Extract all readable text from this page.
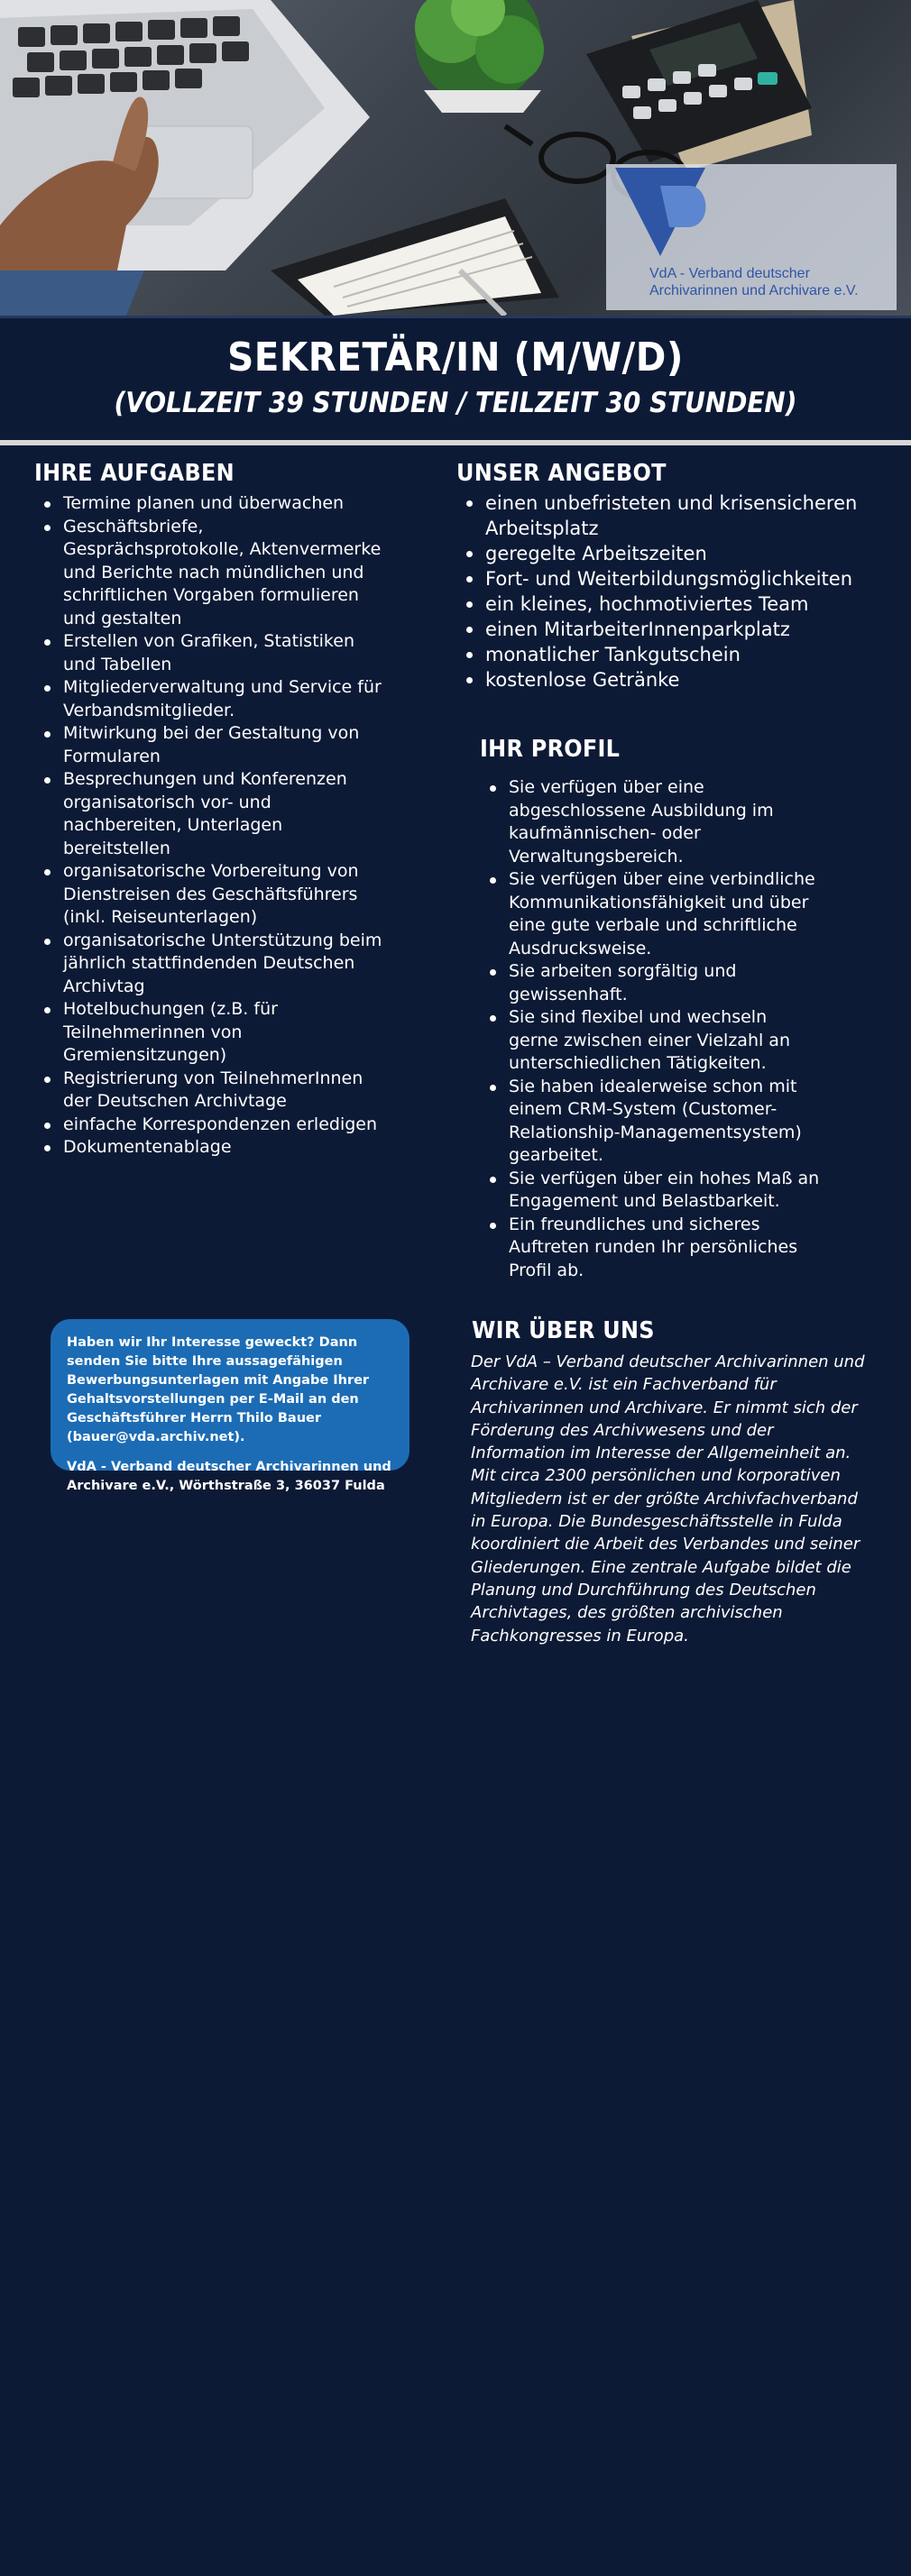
VdA - Verband deutscher
Archivarinnen und Archivare e.V.
SEKRETÄR/IN (M/W/D)
(VOLLZEIT 39 STUNDEN / TEILZEIT 30 STUNDEN)
IHRE AUFGABEN
Termine planen und überwachen
Geschäftsbriefe, Gesprächsprotokolle, Aktenvermerke und Berichte nach mündlichen und schriftlichen Vorgaben formulieren und gestalten
Erstellen von Grafiken, Statistiken und Tabellen
Mitgliederverwaltung und Service für Verbandsmitglieder.
Mitwirkung bei der Gestaltung von Formularen
Besprechungen und Konferenzen organisatorisch vor- und nachbereiten, Unterlagen bereitstellen
organisatorische Vorbereitung von Dienstreisen des Geschäftsführers (inkl. Reiseunterlagen)
organisatorische Unterstützung beim jährlich stattfindenden Deutschen Archivtag
Hotelbuchungen (z.B. für Teilnehmerinnen von Gremiensitzungen)
Registrierung von TeilnehmerInnen der Deutschen Archivtage
einfache Korrespondenzen erledigen
Dokumentenablage
UNSER ANGEBOT
einen unbefristeten und krisensicheren Arbeitsplatz
geregelte Arbeitszeiten
Fort- und Weiterbildungsmöglichkeiten
ein kleines, hochmotiviertes Team
einen MitarbeiterInnenparkplatz
monatlicher Tankgutschein
kostenlose Getränke
IHR PROFIL
Sie verfügen über eine abgeschlossene Ausbildung im kaufmännischen- oder Verwaltungsbereich.
Sie verfügen über eine verbindliche Kommunikationsfähigkeit und über eine gute verbale und schriftliche Ausdrucksweise.
Sie arbeiten sorgfältig und gewissenhaft.
Sie sind flexibel und wechseln gerne zwischen einer Vielzahl an unterschiedlichen Tätigkeiten.
Sie haben idealerweise schon mit einem CRM-System (Customer-Relationship-Managementsystem) gearbeitet.
Sie verfügen über ein hohes Maß an Engagement und Belastbarkeit.
Ein freundliches und sicheres Auftreten runden Ihr persönliches Profil ab.

Haben wir Ihr Interesse geweckt? Dann senden Sie bitte Ihre aussagefähigen Bewerbungsunterlagen mit Angabe Ihrer Gehaltsvorstellungen per E-Mail an den Geschäftsführer Herrn Thilo Bauer (bauer@vda.archiv.net).

VdA - Verband deutscher Archivarinnen und Archivare e.V., Wörthstraße 3, 36037 Fulda

WIR ÜBER UNS
Der VdA – Verband deutscher Archivarinnen und Archivare e.V. ist ein Fachverband für Archivarinnen und Archivare. Er nimmt sich der Förderung des Archivwesens und der Information im Interesse der Allgemeinheit an. Mit circa 2300 persönlichen und korporativen Mitgliedern ist er der größte Archivfachverband in Europa. Die Bundesgeschäftsstelle in Fulda koordiniert die Arbeit des Verbandes und seiner Gliederungen. Eine zentrale Aufgabe bildet die Planung und Durchführung des Deutschen Archivtages, des größten archivischen Fachkongresses in Europa.
